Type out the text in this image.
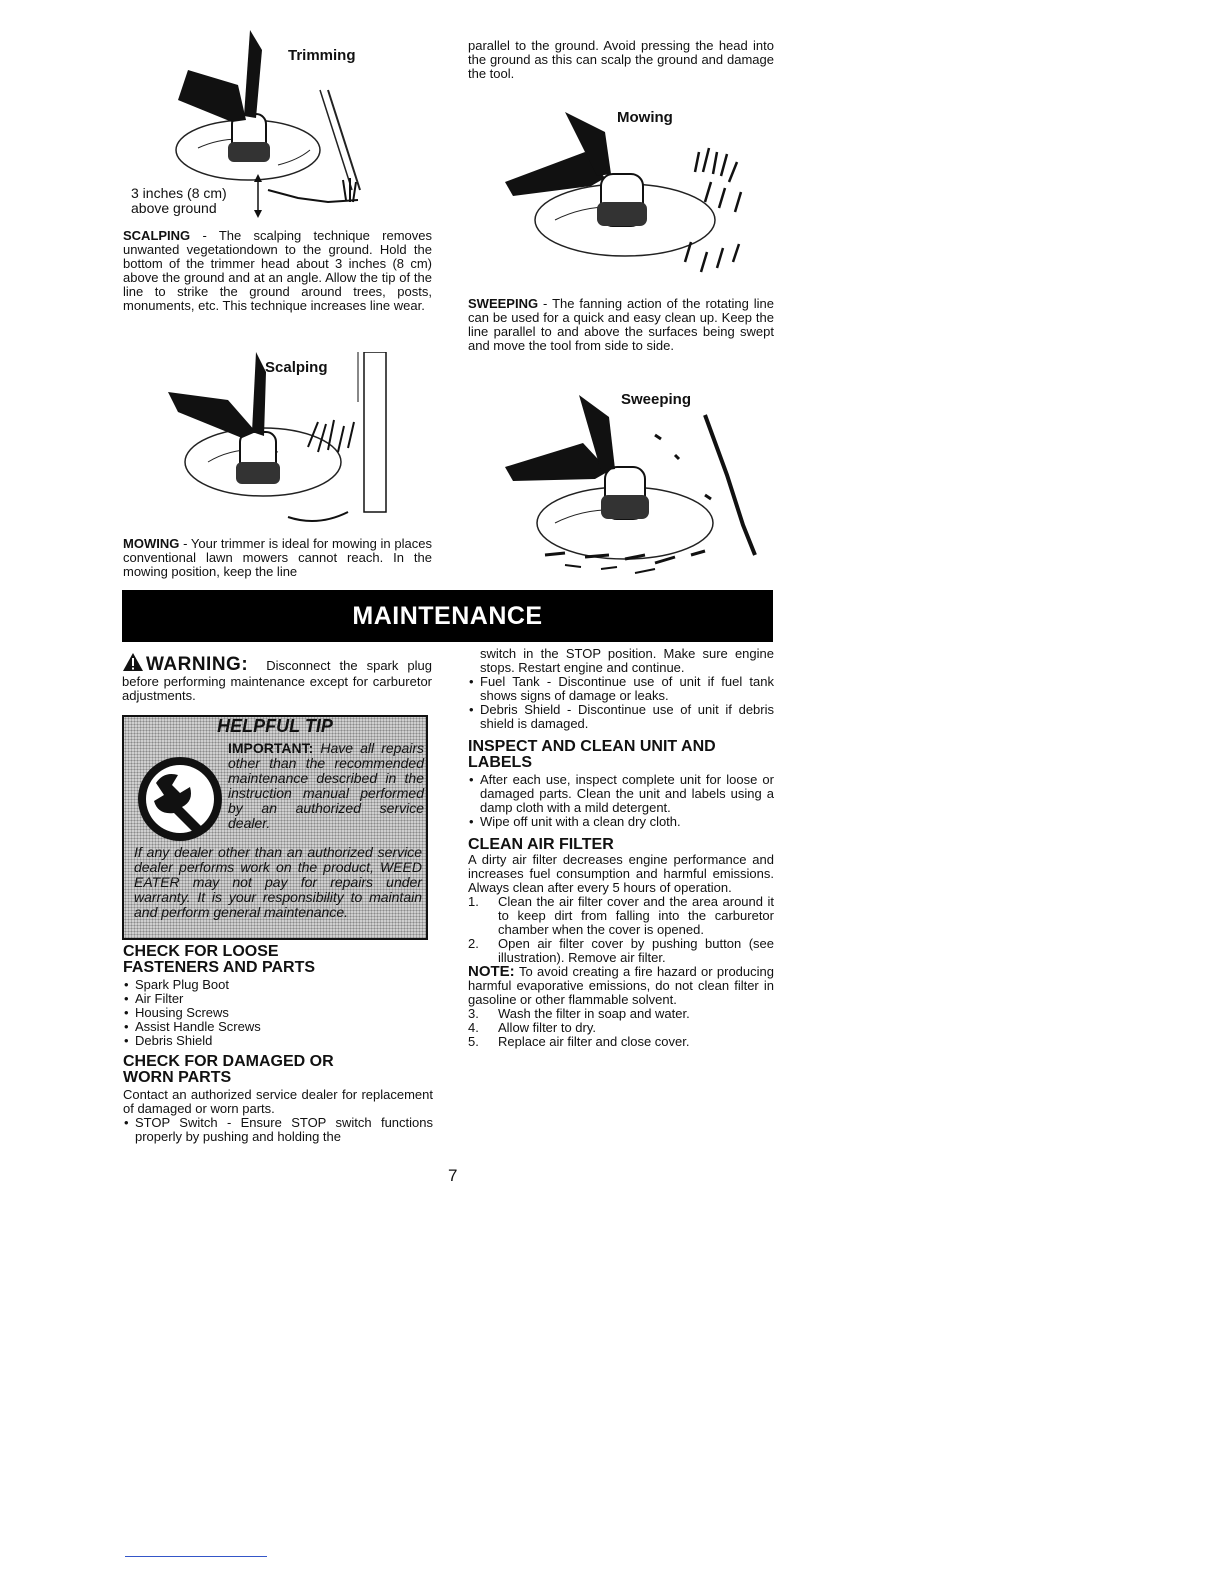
Trimming
3 inches (8 cm)
above ground

SCALPING - The scalping technique removes unwanted vegetationdown to the ground. Hold the bottom of the trimmer head about 3 inches (8 cm) above the ground and at an angle. Allow the tip of the line to strike the ground around trees, posts, monuments, etc. This technique increases line wear.

Scalping

MOWING - Your trimmer is ideal for mowing in places conventional lawn mowers cannot reach. In the mowing position, keep the line

parallel to the ground. Avoid pressing the head into the ground as this can scalp the ground and damage the tool.

Mowing

SWEEPING - The fanning action of the rotating line can be used for a quick and easy clean up. Keep the line parallel to and above the surfaces being swept and move the tool from side to side.

Sweeping
MAINTENANCE

WARNING: Disconnect the spark plug before performing maintenance except for carburetor adjustments.

HELPFUL TIP
IMPORTANT: Have all repairs other than the recommended maintenance described in the instruction manual performed by an authorized service dealer.
If any dealer other than an authorized service dealer performs work on the product, WEED EATER may not pay for repairs under warranty. It is your responsibility to maintain and perform general maintenance.

CHECK FOR LOOSE

FASTENERS AND PARTS

• Spark Plug Boot
• Air Filter
• Housing Screws
• Assist Handle Screws
• Debris Shield

CHECK FOR DAMAGED OR

WORN PARTS

Contact an authorized service dealer for replacement of damaged or worn parts.

• STOP Switch - Ensure STOP switch functions properly by pushing and holding the

switch in the STOP position. Make sure engine stops. Restart engine and continue.

• Fuel Tank - Discontinue use of unit if fuel tank shows signs of damage or leaks.
• Debris Shield - Discontinue use of unit if debris shield is damaged.

INSPECT AND CLEAN UNIT AND

LABELS

• After each use, inspect complete unit for loose or damaged parts. Clean the unit and labels using a damp cloth with a mild detergent.
• Wipe off unit with a clean dry cloth.

CLEAN AIR FILTER

A dirty air filter decreases engine performance and increases fuel consumption and harmful emissions. Always clean after every 5 hours of operation.

1. Clean the air filter cover and the area around it to keep dirt from falling into the carburetor chamber when the cover is opened.
2. Open air filter cover by pushing button (see illustration). Remove air filter.

NOTE: To avoid creating a fire hazard or producing harmful evaporative emissions, do not clean filter in gasoline or other flammable solvent.

3. Wash the filter in soap and water.
4. Allow filter to dry.
5. Replace air filter and close cover.
7
